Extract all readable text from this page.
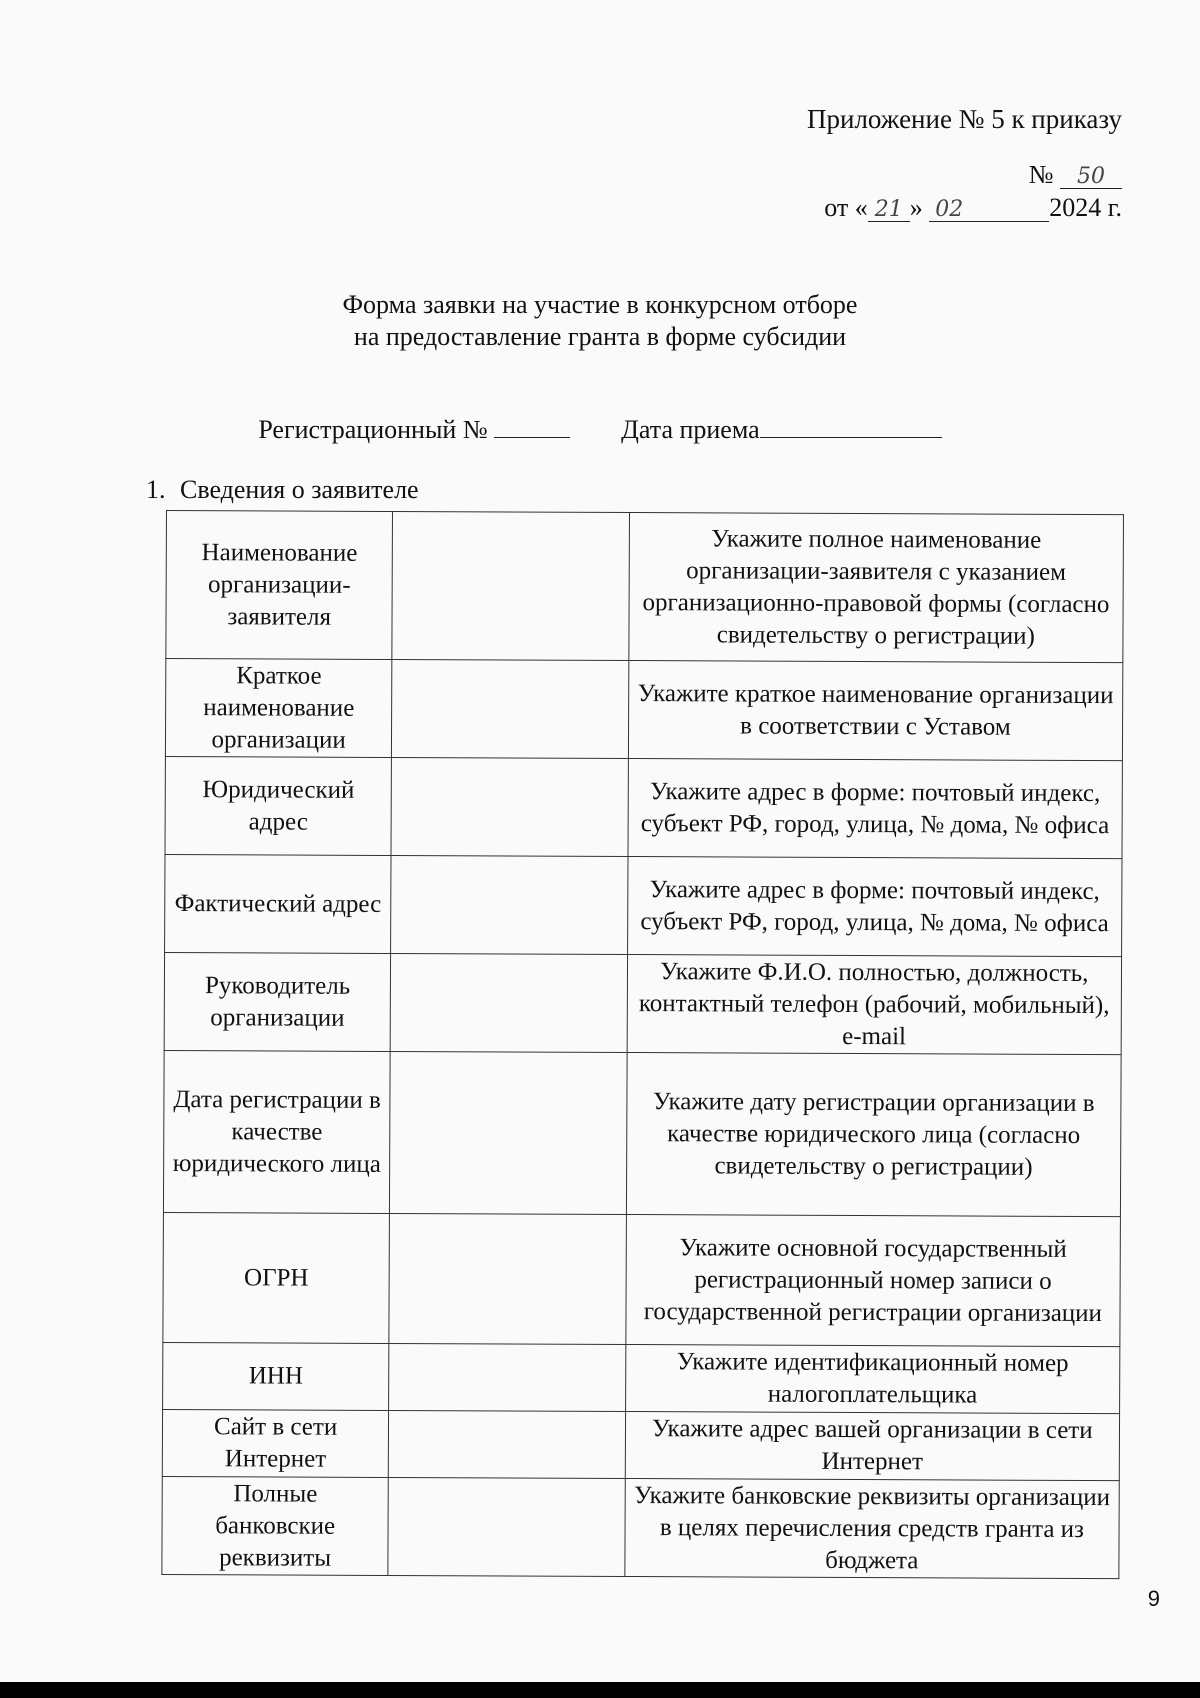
Приложение № 5 к приказу
№ 50
от « 21 » 02	2024 г.
Форма заявки на участие в конкурсном отборе
на предоставление гранта в форме субсидии
Регистрационный №	Дата приема
1. Сведения о заявителе
Наименование организации-заявителя		Укажите полное наименование организации-заявителя с указанием организационно-правовой формы (согласно свидетельству о регистрации)
Краткое наименование организации		Укажите краткое наименование организации в соответствии с Уставом
Юридический адрес		Укажите адрес в форме: почтовый индекс, субъект РФ, город, улица, № дома, № офиса
Фактический адрес		Укажите адрес в форме: почтовый индекс, субъект РФ, город, улица, № дома, № офиса
Руководитель организации		Укажите Ф.И.О. полностью, должность, контактный телефон (рабочий, мобильный), e-mail
Дата регистрации в качестве юридического лица		Укажите дату регистрации организации в качестве юридического лица (согласно свидетельству о регистрации)
ОГРН		Укажите основной государственный регистрационный номер записи о государственной регистрации организации
ИНН		Укажите идентификационный номер налогоплательщика
Сайт в сети Интернет		Укажите адрес вашей организации в сети Интернет
Полные банковские реквизиты		Укажите банковские реквизиты организации в целях перечисления средств гранта из бюджета
9
